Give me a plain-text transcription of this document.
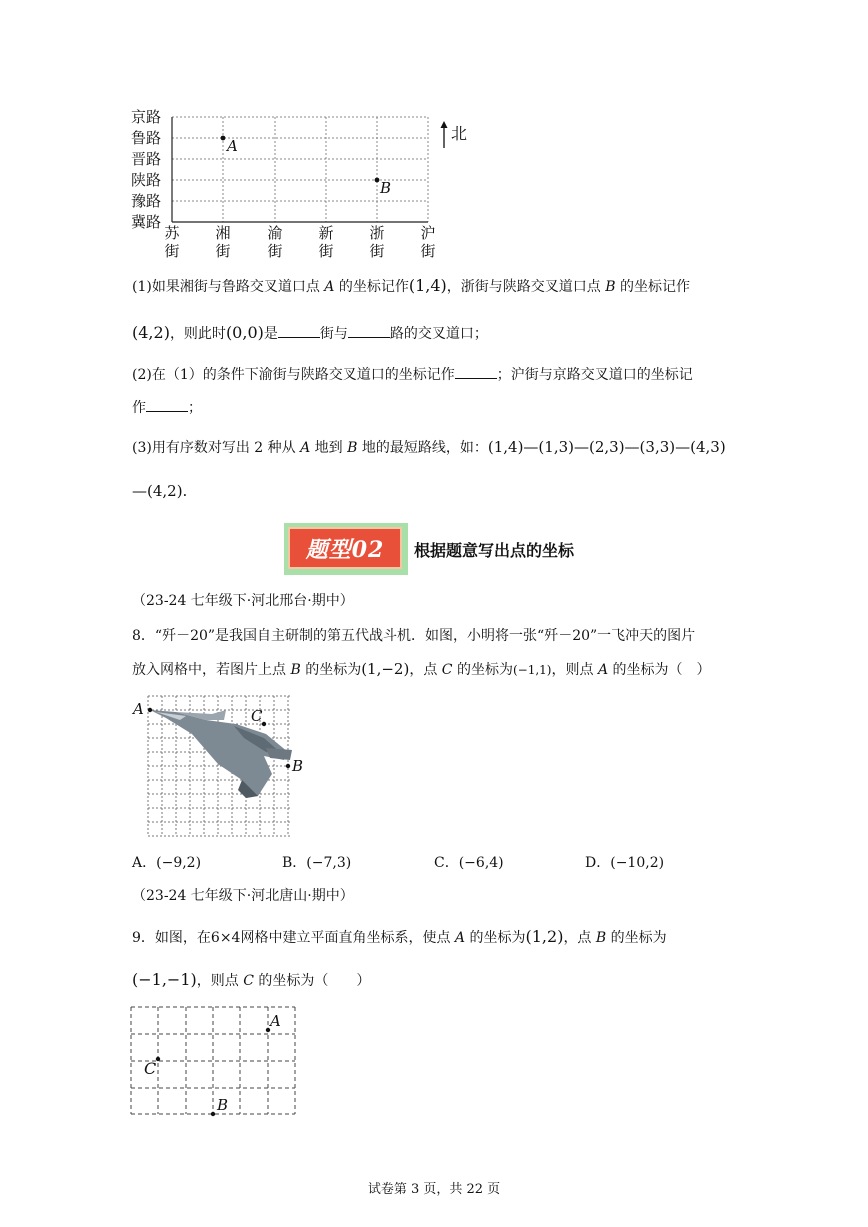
京路
鲁路
晋路
陕路
豫路
冀路
A
B
苏
街
湘
街
渝
街
新
街
浙
街
沪
街
北
(1)如果湘街与鲁路交叉道口点 A 的坐标记作(1,4)，浙街与陕路交叉道口点 B 的坐标记作
(4,2)，则此时(0,0)是	街与	路的交叉道口；
(2)在（1）的条件下渝街与陕路交叉道口的坐标记作	；沪街与京路交叉道口的坐标记
作	；
(3)用有序数对写出 2 种从 A 地到 B 地的最短路线，如：(1,4)—(1,3)—(2,3)—(3,3)—(4,3)
—(4,2).
题型02	根据题意写出点的坐标
（23-24 七年级下·河北邢台·期中）
8．“歼－20”是我国自主研制的第五代战斗机．如图，小明将一张“歼－20”一飞冲天的图片
放入网格中，若图片上点 B 的坐标为(1,−2)，点 C 的坐标为(−1,1)，则点 A 的坐标为（　）
A	C
B
A．(−9,2)	B．(−7,3)	C．(−6,4)	D．(−10,2)
（23-24 七年级下·河北唐山·期中）
9．如图，在6×4网格中建立平面直角坐标系，使点 A 的坐标为(1,2)，点 B 的坐标为
(−1,−1)，则点 C 的坐标为（　　）
A
C
B
试卷第 3 页，共 22 页
